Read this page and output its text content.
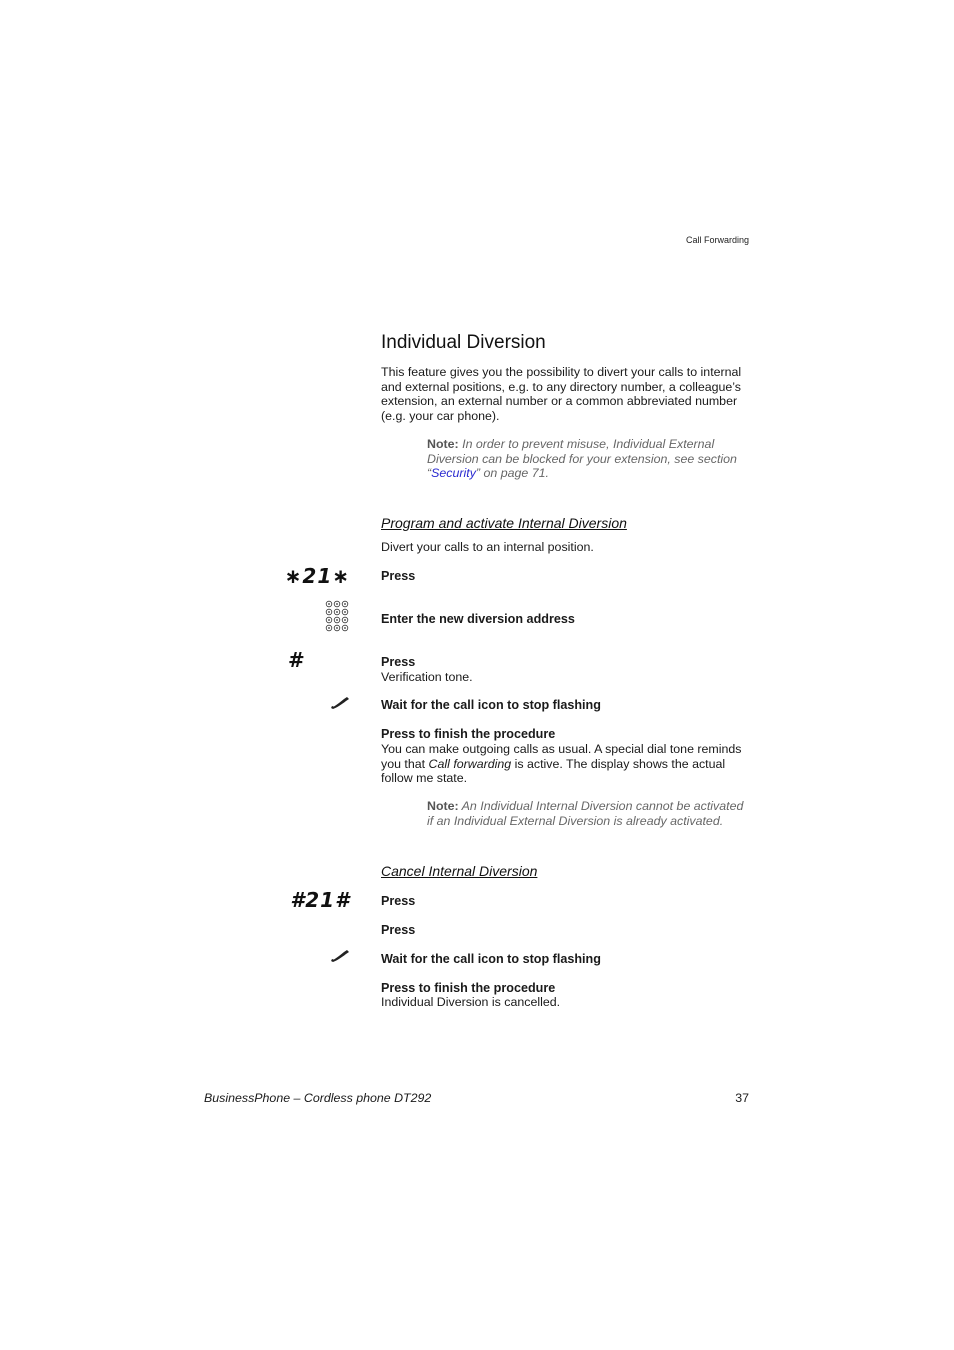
Call Forwarding
Individual Diversion
This feature gives you the possibility to divert your calls to internal and external positions, e.g. to any directory number, a colleague’s extension, an external number or a common abbreviated number (e.g. your car phone).
Note: In order to prevent misuse, Individual External Diversion can be blocked for your extension, see section “Security” on page 71.
Program and activate Internal Diversion
Divert your calls to an internal position.
∗21∗ Press
Enter the new diversion address
#	Press
Verification tone.
Wait for the call icon to stop flashing
Press to finish the procedure
You can make outgoing calls as usual. A special dial tone reminds you that Call forwarding is active. The display shows the actual follow me state.
Note: An Individual Internal Diversion cannot be activated if an Individual External Diversion is already activated.
Cancel Internal Diversion
#21# Press
Press
Wait for the call icon to stop flashing
Press to finish the procedure
Individual Diversion is cancelled.
BusinessPhone – Cordless phone DT292	37
